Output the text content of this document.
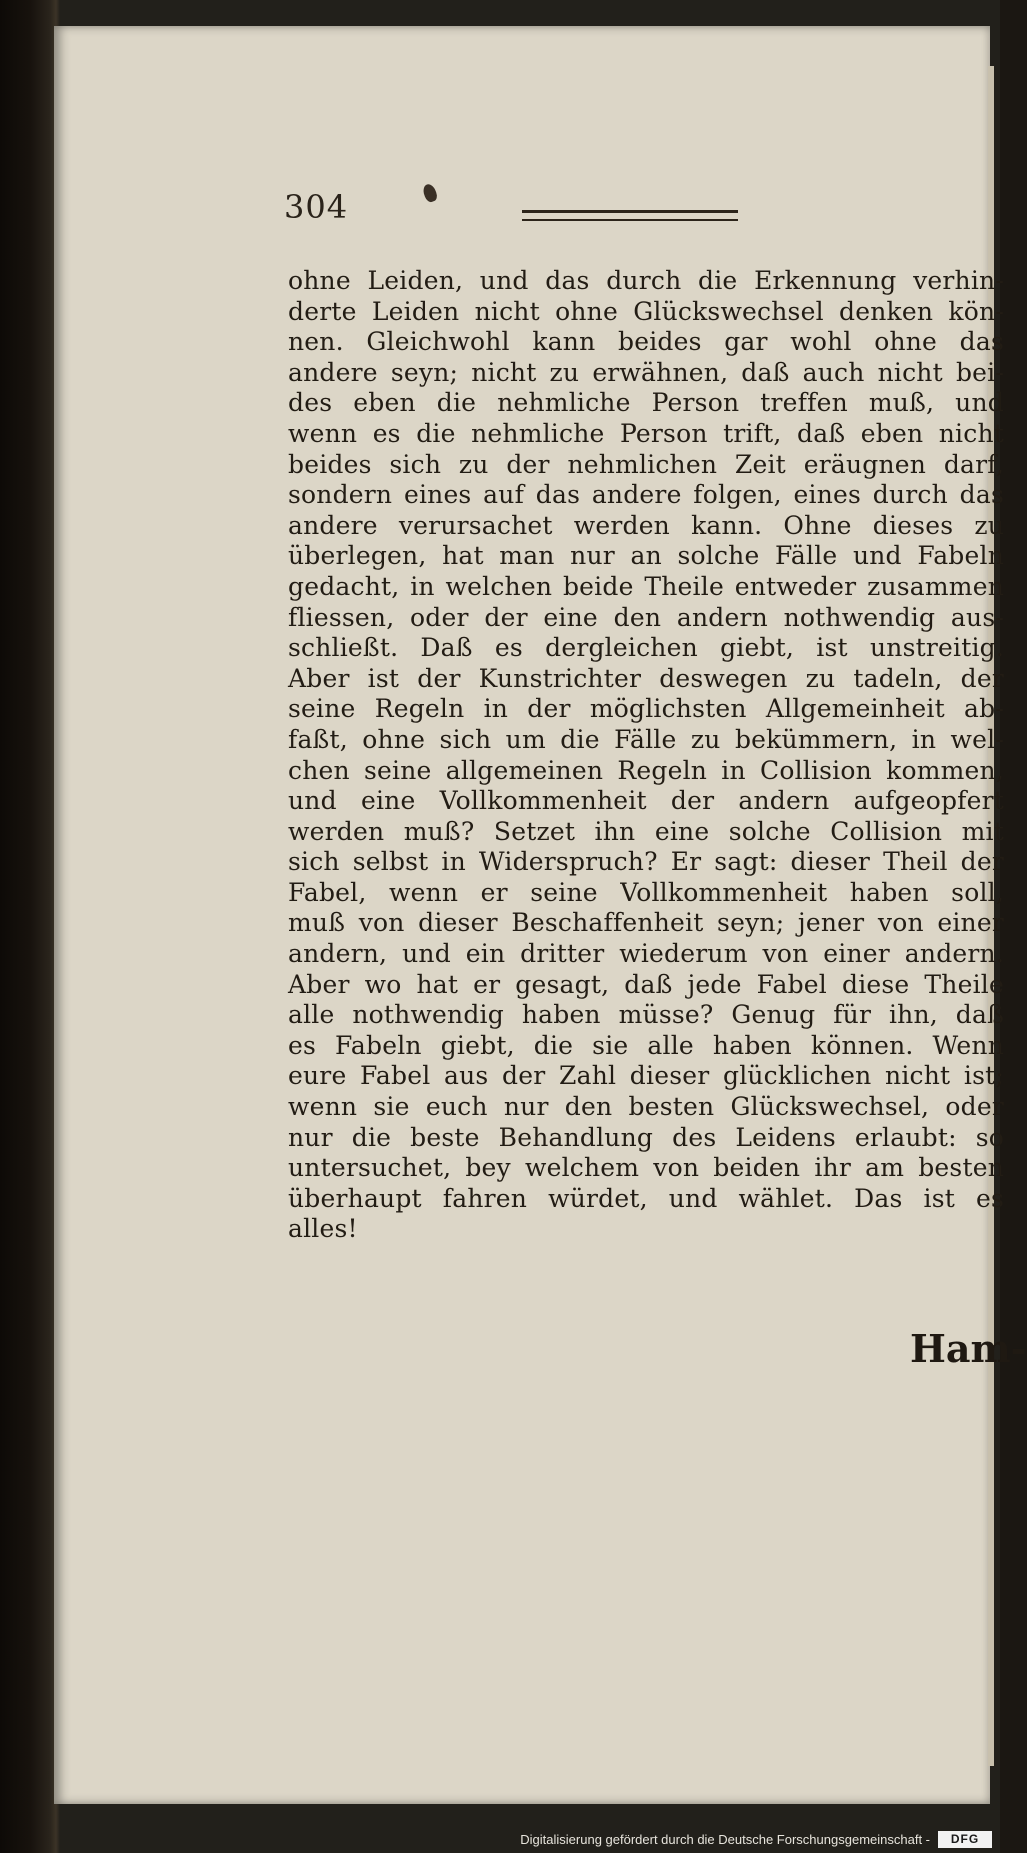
304
ohne Leiden, und das durch die Erkennung verhin-
derte Leiden nicht ohne Glückswechsel denken kön-
nen. Gleichwohl kann beides gar wohl ohne das
andere seyn; nicht zu erwähnen, daß auch nicht bei-
des eben die nehmliche Person treffen muß, und
wenn es die nehmliche Person trift, daß eben nicht
beides sich zu der nehmlichen Zeit eräugnen darf,
sondern eines auf das andere folgen, eines durch das
andere verursachet werden kann. Ohne dieses zu
überlegen, hat man nur an solche Fälle und Fabeln
gedacht, in welchen beide Theile entweder zusammen
fliessen, oder der eine den andern nothwendig aus-
schließt. Daß es dergleichen giebt, ist unstreitig.
Aber ist der Kunstrichter deswegen zu tadeln, der
seine Regeln in der möglichsten Allgemeinheit ab-
faßt, ohne sich um die Fälle zu bekümmern, in wel-
chen seine allgemeinen Regeln in Collision kommen,
und eine Vollkommenheit der andern aufgeopfert
werden muß? Setzet ihn eine solche Collision mit
sich selbst in Widerspruch? Er sagt: dieser Theil der
Fabel, wenn er seine Vollkommenheit haben soll,
muß von dieser Beschaffenheit seyn; jener von einer
andern, und ein dritter wiederum von einer andern.
Aber wo hat er gesagt, daß jede Fabel diese Theile
alle nothwendig haben müsse? Genug für ihn, daß
es Fabeln giebt, die sie alle haben können. Wenn
eure Fabel aus der Zahl dieser glücklichen nicht ist;
wenn sie euch nur den besten Glückswechsel, oder
nur die beste Behandlung des Leidens erlaubt: so
untersuchet, bey welchem von beiden ihr am besten
überhaupt fahren würdet, und wählet. Das ist es
alles!
Ham-
Digitalisierung gefördert durch die Deutsche Forschungsgemeinschaft -	DFG
